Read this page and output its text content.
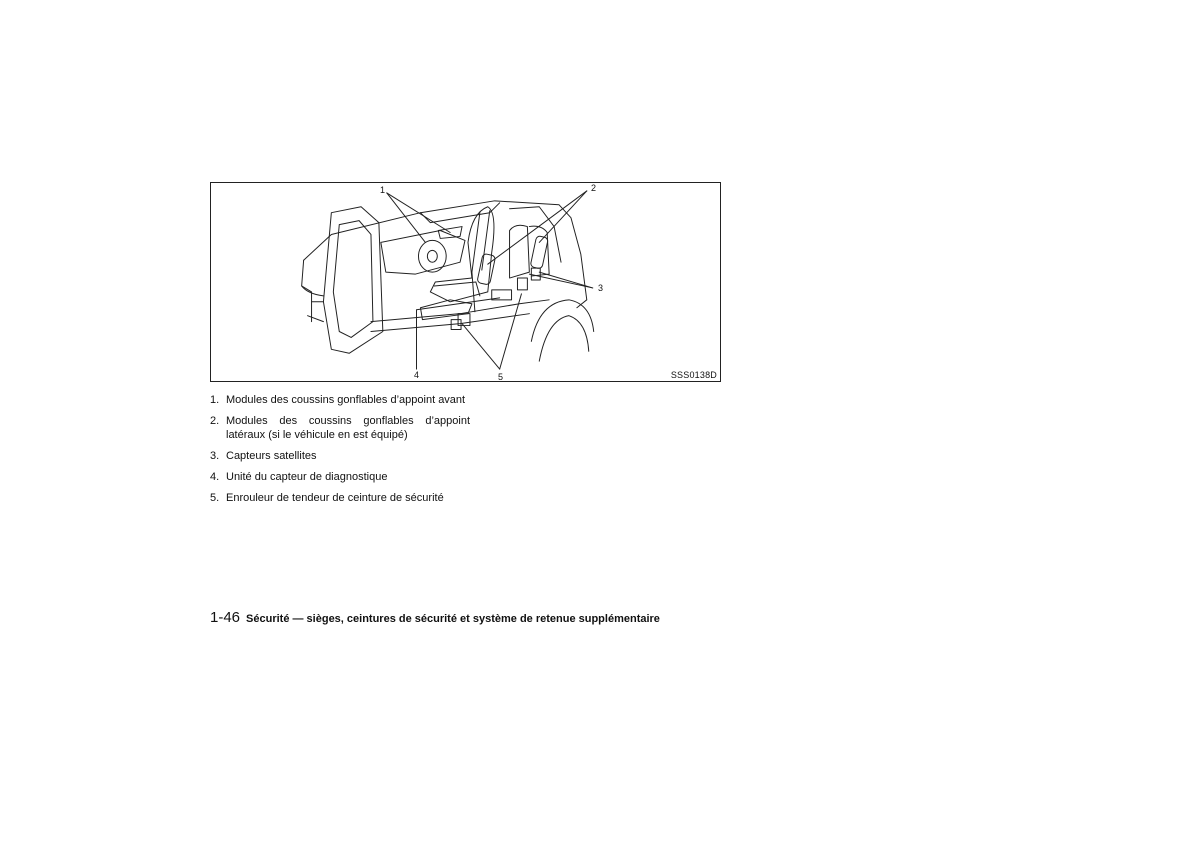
1	2
3
4	5	SSS0138D
1. Modules des coussins gonflables d’appoint avant
2. Modules des coussins gonflables d’appoint latéraux (si le véhicule en est équipé)
3. Capteurs satellites
4. Unité du capteur de diagnostique
5. Enrouleur de tendeur de ceinture de sécurité
1-46 Sécurité — sièges, ceintures de sécurité et système de retenue supplémentaire
